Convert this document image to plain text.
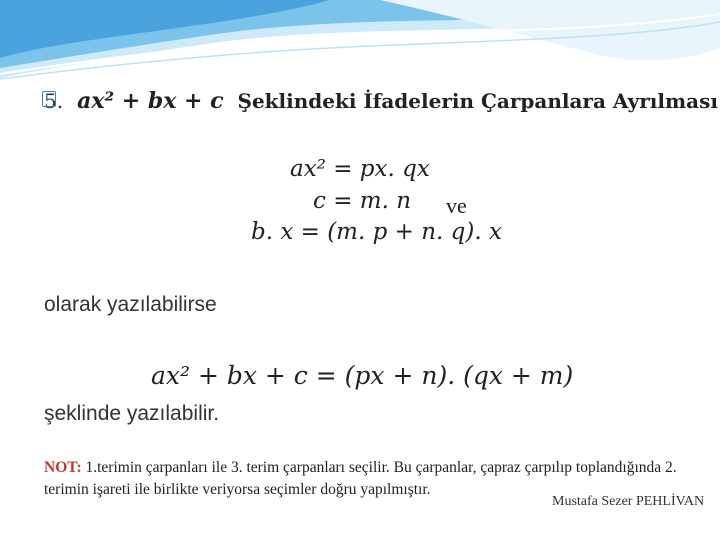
5. ax² + bx + c Şeklindeki İfadelerin Çarpanlara Ayrılması
ax² = px. qx
c = m. n ve
b. x = (m. p + n. q). x
olarak yazılabilirse
ax² + bx + c = (px + n). (qx + m)
şeklinde yazılabilir.
NOT: 1.terimin çarpanları ile 3. terim çarpanları seçilir. Bu çarpanlar, çapraz çarpılıp toplandığında 2. terimin işareti ile birlikte veriyorsa seçimler doğru yapılmıştır.
Mustafa Sezer PEHLİVAN
